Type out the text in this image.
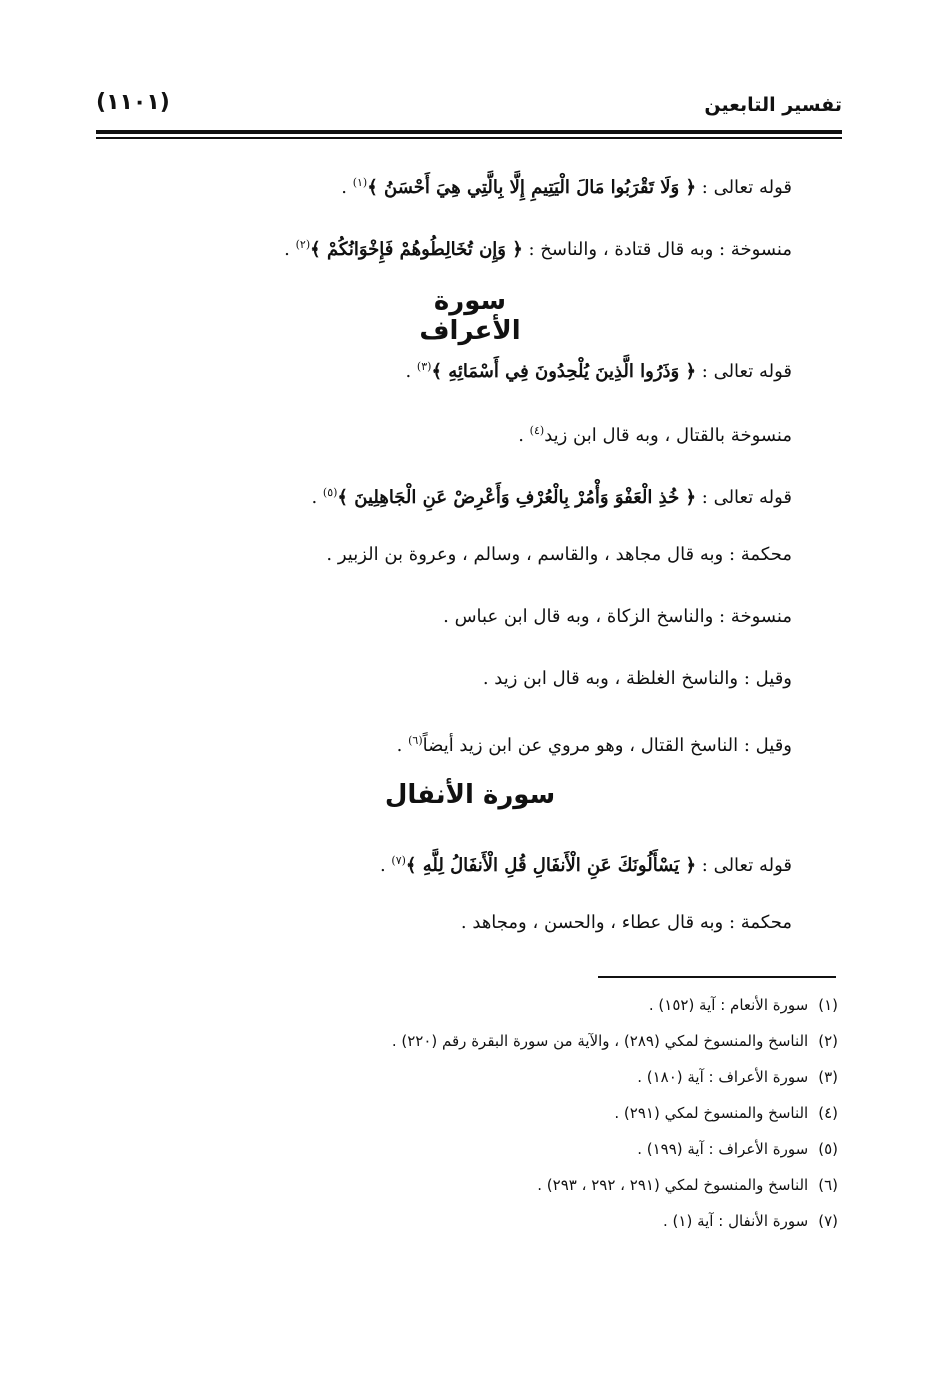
تفسير التابعين
(١١٠١)
قوله تعالى : ﴿ وَلَا تَقْرَبُوا مَالَ الْيَتِيمِ إِلَّا بِالَّتِي هِيَ أَحْسَنُ ﴾$^{(١)}$ .
منسوخة : وبه قال قتادة ، والناسخ : ﴿ وَإِن تُخَالِطُوهُمْ فَإِخْوَانُكُمْ ﴾$^{(٢)}$ .
سورة الأعراف
قوله تعالى : ﴿ وَذَرُوا الَّذِينَ يُلْحِدُونَ فِي أَسْمَائِهِ ﴾$^{(٣)}$ .
منسوخة بالقتال ، وبه قال ابن زيد$^{(٤)}$ .
قوله تعالى : ﴿ خُذِ الْعَفْوَ وَأْمُرْ بِالْعُرْفِ وَأَعْرِضْ عَنِ الْجَاهِلِينَ ﴾$^{(٥)}$ .
محكمة : وبه قال مجاهد ، والقاسم ، وسالم ، وعروة بن الزبير .
منسوخة : والناسخ الزكاة ، وبه قال ابن عباس .
وقيل : والناسخ الغلظة ، وبه قال ابن زيد .
وقيل : الناسخ القتال ، وهو مروي عن ابن زيد أيضاً$^{(٦)}$ .
سورة الأنفال
قوله تعالى : ﴿ يَسْأَلُونَكَ عَنِ الْأَنفَالِ قُلِ الْأَنفَالُ لِلَّهِ ﴾$^{(٧)}$ .
محكمة : وبه قال عطاء ، والحسن ، ومجاهد .
(١)سورة الأنعام : آية (١٥٢) .
(٢)الناسخ والمنسوخ لمكي (٢٨٩) ، والآية من سورة البقرة رقم (٢٢٠) .
(٣)سورة الأعراف : آية (١٨٠) .
(٤)الناسخ والمنسوخ لمكي (٢٩١) .
(٥)سورة الأعراف : آية (١٩٩) .
(٦)الناسخ والمنسوخ لمكي (٢٩١ ، ٢٩٢ ، ٢٩٣) .
(٧)سورة الأنفال : آية (١) .
